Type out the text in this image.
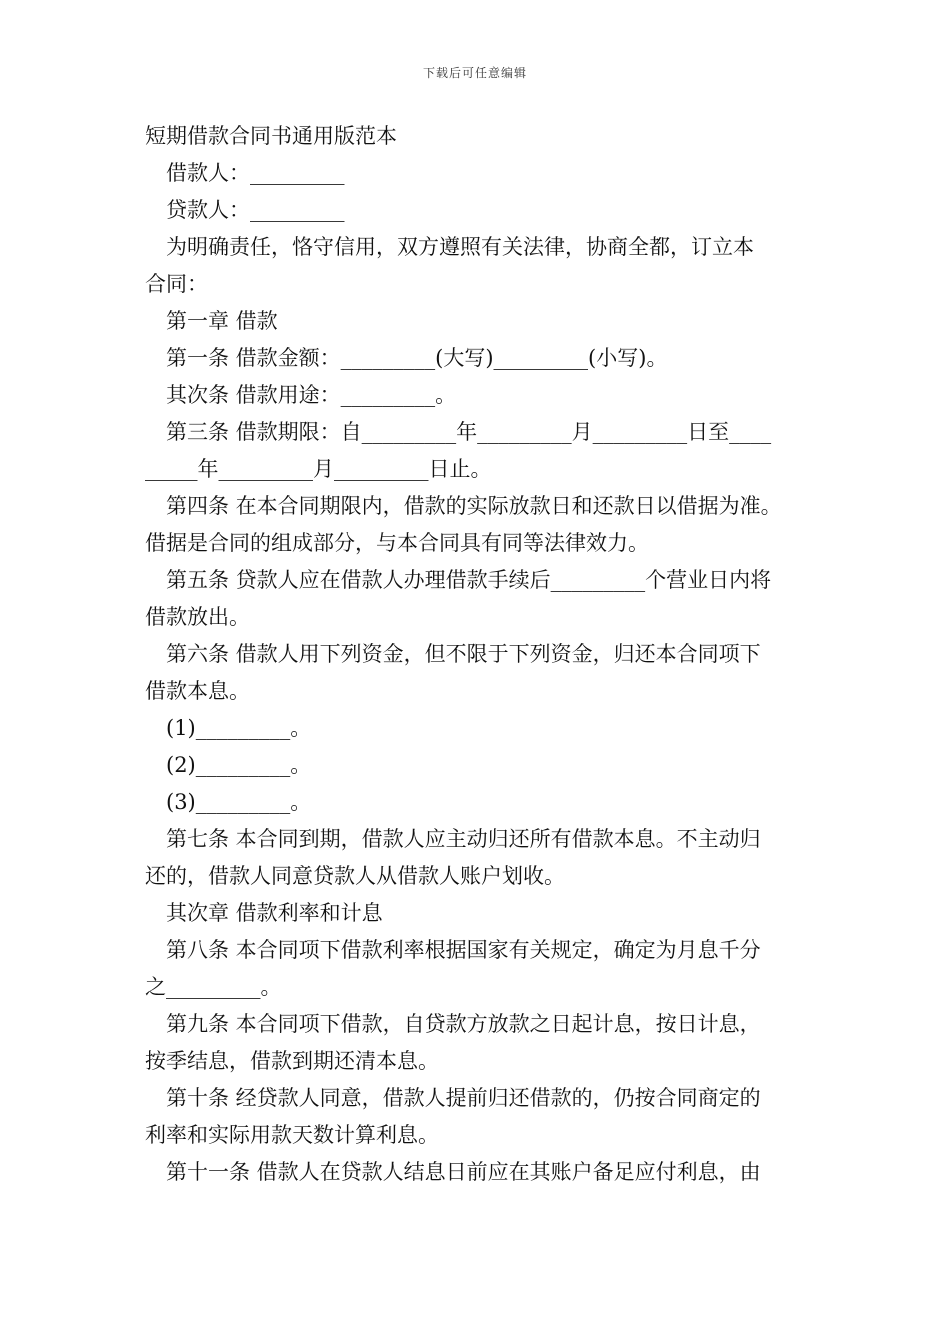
下载后可任意编辑
短期借款合同书通用版范本
借款人：_________
贷款人：_________
为明确责任，恪守信用，双方遵照有关法律，协商全都，订立本
合同：
第一章 借款
第一条 借款金额：_________(大写)_________(小写)。
其次条 借款用途：_________。
第三条 借款期限：自_________年_________月_________日至____
_____年_________月_________日止。
第四条 在本合同期限内，借款的实际放款日和还款日以借据为准。
借据是合同的组成部分，与本合同具有同等法律效力。
第五条 贷款人应在借款人办理借款手续后_________个营业日内将
借款放出。
第六条 借款人用下列资金，但不限于下列资金，归还本合同项下
借款本息。
(1)_________。
(2)_________。
(3)_________。
第七条 本合同到期，借款人应主动归还所有借款本息。不主动归
还的，借款人同意贷款人从借款人账户划收。
其次章 借款利率和计息
第八条 本合同项下借款利率根据国家有关规定，确定为月息千分
之_________。
第九条 本合同项下借款，自贷款方放款之日起计息，按日计息，
按季结息，借款到期还清本息。
第十条 经贷款人同意，借款人提前归还借款的，仍按合同商定的
利率和实际用款天数计算利息。
第十一条 借款人在贷款人结息日前应在其账户备足应付利息，由
